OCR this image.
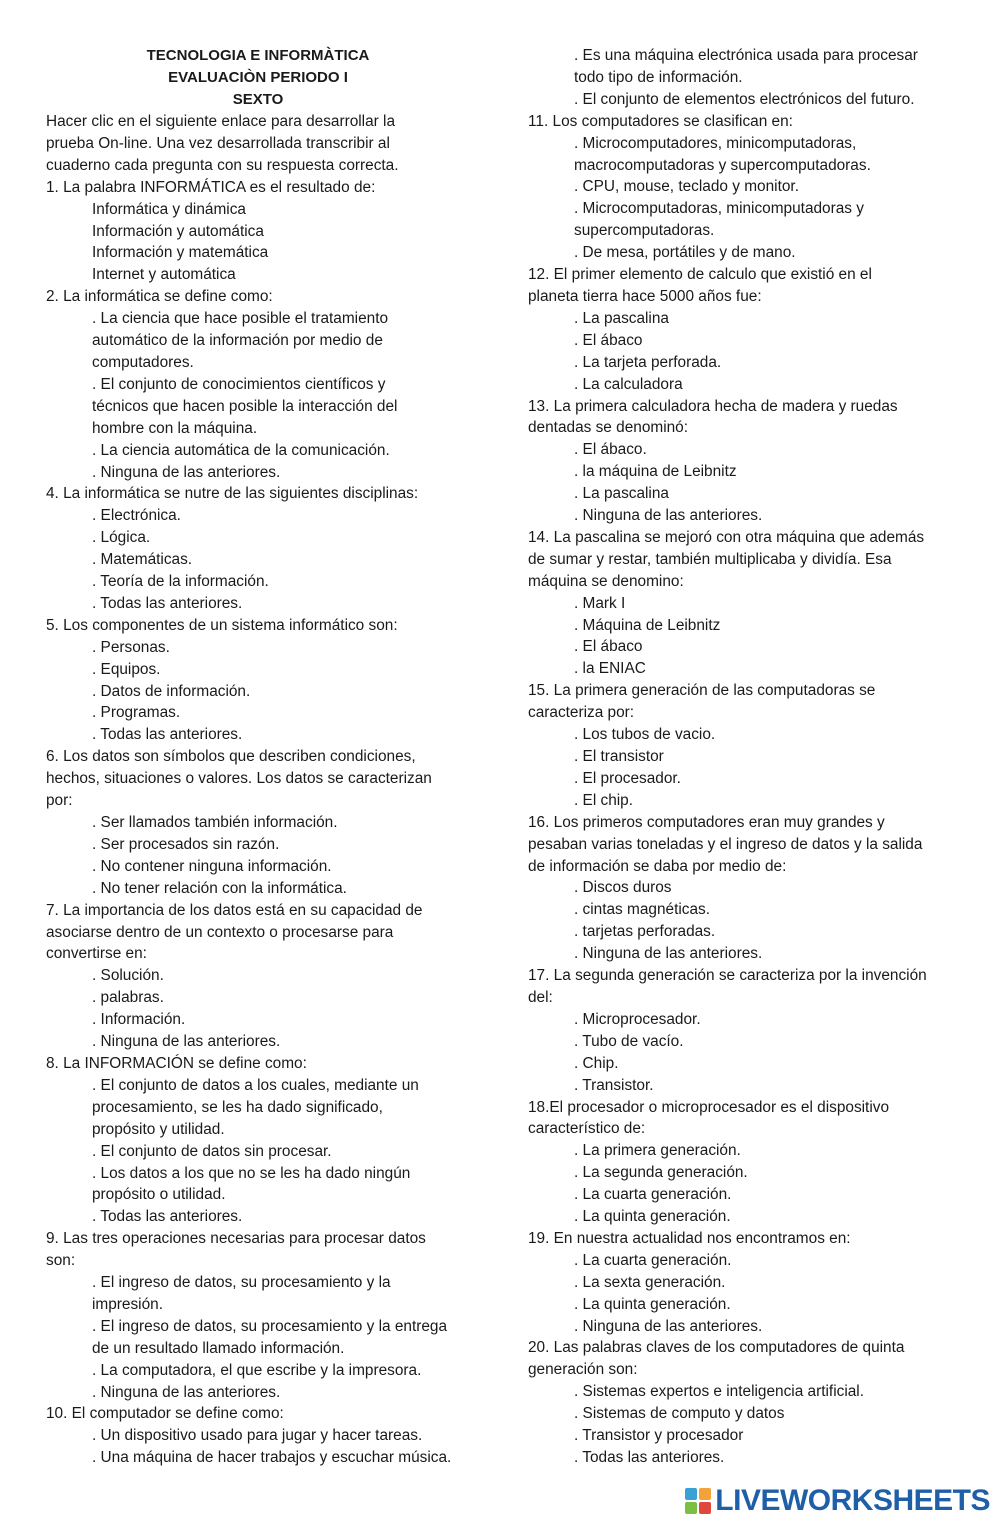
TECNOLOGIA E INFORMÀTICA
EVALUACIÒN PERIODO I
SEXTO
Hacer clic en el siguiente enlace para desarrollar la
prueba On-line. Una vez desarrollada transcribir al
cuaderno cada pregunta con su respuesta correcta.
1. La palabra INFORMÁTICA es el resultado de:
Informática y dinámica
Información y automática
Información y matemática
Internet y automática
2. La informática se define como:
. La ciencia que hace posible el tratamiento
automático de la información por medio de
computadores.
. El conjunto de conocimientos científicos y
técnicos que hacen posible la interacción del
hombre con la máquina.
. La ciencia automática de la comunicación.
. Ninguna de las anteriores.
4. La informática se nutre de las siguientes disciplinas:
. Electrónica.
. Lógica.
. Matemáticas.
. Teoría de la información.
. Todas las anteriores.
5. Los componentes de un sistema informático son:
. Personas.
. Equipos.
. Datos de información.
. Programas.
. Todas las anteriores.
6. Los datos son símbolos que describen condiciones,
hechos, situaciones o valores. Los datos se caracterizan
por:
. Ser llamados también información.
. Ser procesados sin razón.
. No contener ninguna información.
. No tener relación con la informática.
7. La importancia de los datos está en su capacidad de
asociarse dentro de un contexto o procesarse para
convertirse en:
. Solución.
. palabras.
. Información.
. Ninguna de las anteriores.
8. La INFORMACIÓN se define como:
. El conjunto de datos a los cuales, mediante un
procesamiento, se les ha dado significado,
propósito y utilidad.
. El conjunto de datos sin procesar.
. Los datos a los que no se les ha dado ningún
propósito o utilidad.
. Todas las anteriores.
9. Las tres operaciones necesarias para procesar datos
son:
. El ingreso de datos, su procesamiento y la
impresión.
. El ingreso de datos, su procesamiento y la entrega
de un resultado llamado información.
. La computadora, el que escribe y la impresora.
. Ninguna de las anteriores.
10. El computador se define como:
. Un dispositivo usado para jugar y hacer tareas.
. Una máquina de hacer trabajos y escuchar música.
. Es una máquina electrónica usada para procesar
todo tipo de información.
. El conjunto de elementos electrónicos del futuro.
11. Los computadores se clasifican en:
. Microcomputadores, minicomputadoras,
macrocomputadoras y supercomputadoras.
. CPU, mouse, teclado y monitor.
. Microcomputadoras, minicomputadoras y
supercomputadoras.
. De mesa, portátiles y de mano.
12. El primer elemento de calculo que existió en el
planeta tierra hace 5000 años fue:
. La pascalina
. El ábaco
. La tarjeta perforada.
. La calculadora
13. La primera calculadora hecha de madera y ruedas
dentadas se denominó:
. El ábaco.
. la máquina de Leibnitz
. La pascalina
. Ninguna de las anteriores.
14. La pascalina se mejoró con otra máquina que además
de sumar y restar, también multiplicaba y dividía. Esa
máquina se denomino:
. Mark I
. Máquina de Leibnitz
. El ábaco
. la ENIAC
15. La primera generación de las computadoras se
caracteriza por:
. Los tubos de vacio.
. El transistor
. El procesador.
. El chip.
16. Los primeros computadores eran muy grandes y
pesaban varias toneladas y el ingreso de datos y la salida
de información se daba por medio de:
. Discos duros
. cintas magnéticas.
. tarjetas perforadas.
. Ninguna de las anteriores.
17. La segunda generación se caracteriza por la invención
del:
. Microprocesador.
. Tubo de vacío.
. Chip.
. Transistor.
18.El procesador o microprocesador es el dispositivo
característico de:
. La primera generación.
. La segunda generación.
. La cuarta generación.
. La quinta generación.
19. En nuestra actualidad nos encontramos en:
. La cuarta generación.
. La sexta generación.
. La quinta generación.
. Ninguna de las anteriores.
20. Las palabras claves de los computadores de quinta
generación son:
. Sistemas expertos e inteligencia artificial.
. Sistemas de computo y datos
. Transistor y procesador
. Todas las anteriores.
LIVEWORKSHEETS
